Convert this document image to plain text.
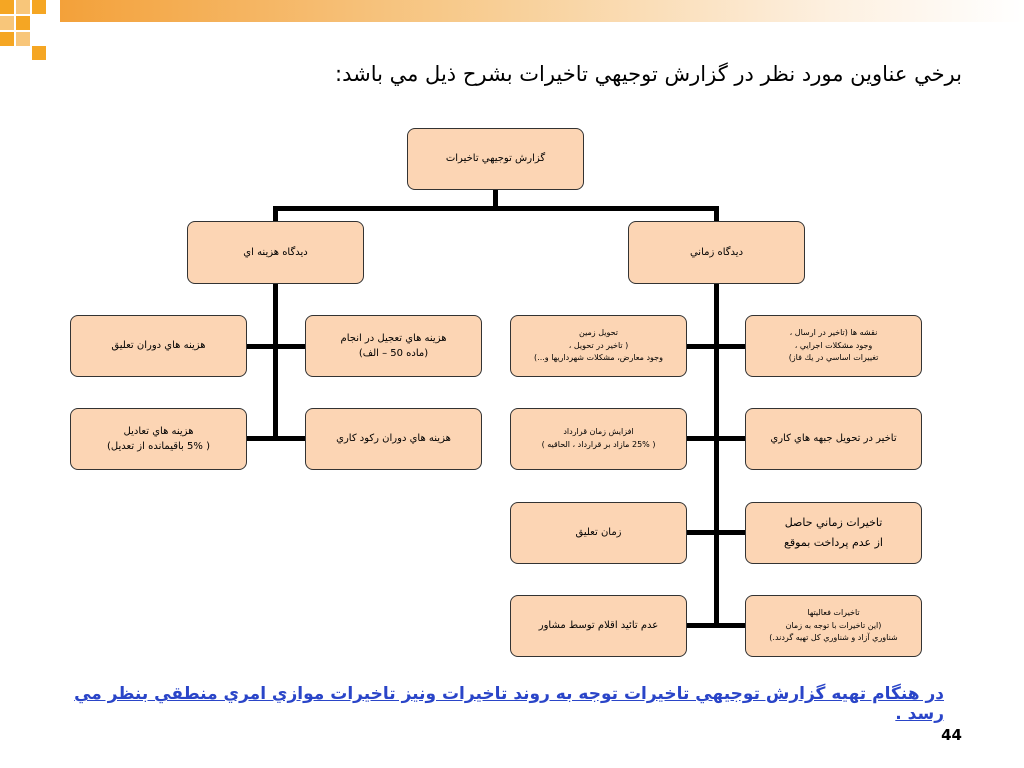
برخي عناوين مورد نظر در گزارش توجيهي تاخيرات بشرح ذيل مي باشد:
گزارش توجيهي تاخيرات
ديدگاه هزينه اي	ديدگاه زماني
هزينه هاي تعجيل در انجام
(ماده 50 – الف)
هزينه هاي دوران تعليق
هزينه هاي دوران ركود كاري
هزينه هاي تعاديل
( 5% باقيمانده از تعديل)
نقشه ها (تاخير در ارسال ،
وجود مشكلات اجرايي ،
تغييرات اساسي در يك فاز)
تحويل زمين
( تاخير در تحويل ،
وجود معارض، مشكلات شهرداريها و...)
تاخير در تحويل جبهه هاي كاري
افزايش زمان قرارداد
( 25% مازاد بر قرارداد ، الحاقيه )
تاخيرات زماني حاصل
از عدم پرداخت بموقع
زمان تعليق
تاخيرات فعاليتها
(اين تاخيرات با توجه به زمان
شناوري آزاد و شناوري كل تهيه گردند.)
عدم تائيد اقلام توسط مشاور
در هنگام تهيه گزارش توجيهي تاخيرات توجه به روند تاخيرات ونيز تاخيرات موازي امري منطقي بنظر مي رسد .
44
